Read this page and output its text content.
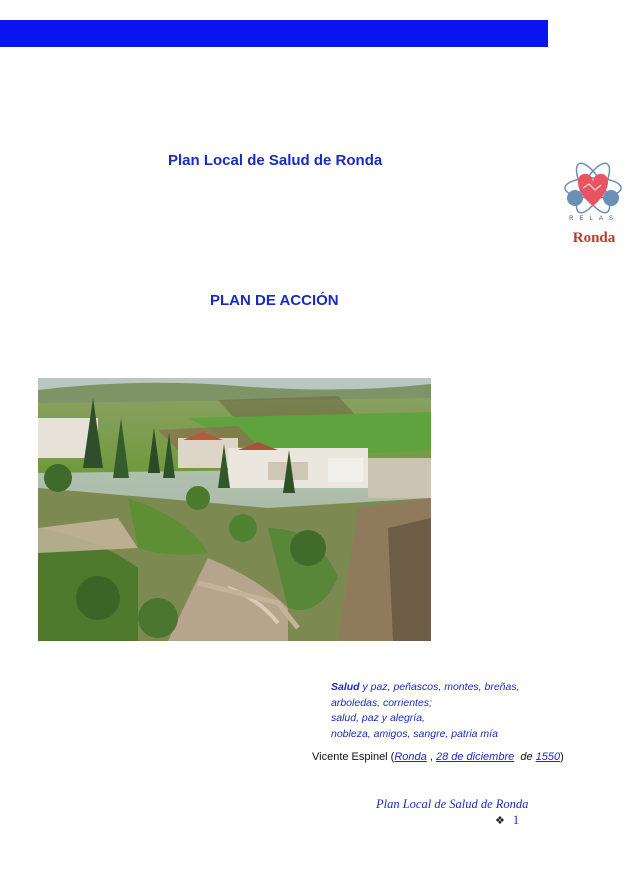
Plan Local de Salud de Ronda
RELAS
Ronda
PLAN DE ACCIÓN
Salud y paz, peñascos, montes, breñas,
arboledas, corrientes;
salud, paz y alegría,
nobleza, amigos, sangre, patria mía
Vicente Espinel (Ronda , 28 de diciembre  de 1550)
Plan Local de Salud de Ronda
❖ 1
